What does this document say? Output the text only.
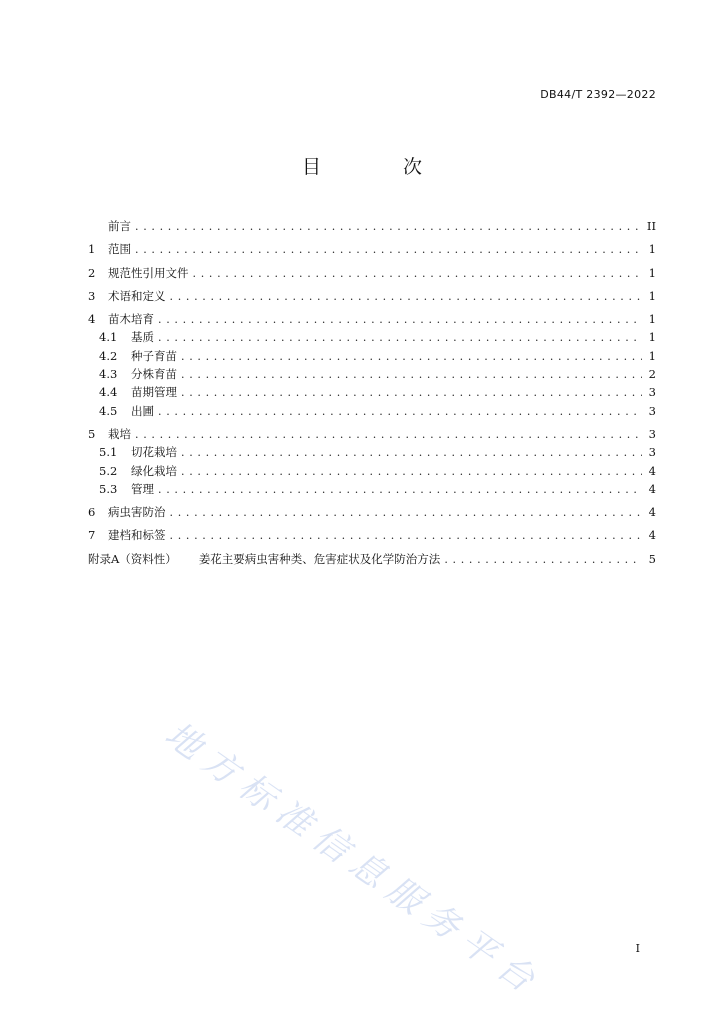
DB44/T 2392—2022
目 次
前言 .....	II
1	范围 .....	1
2	规范性引用文件 .....	1
3	术语和定义 .....	1
4	苗木培育 .....	1
4.1	基质 .....	1
4.2	种子育苗 .....	1
4.3	分株育苗 .....	2
4.4	苗期管理 .....	3
4.5	出圃 .....	3
5	栽培 .....	3
5.1	切花栽培 .....	3
5.2	绿化栽培 .....	4
5.3	管理 .....	4
6	病虫害防治 .....	4
7	建档和标签 .....	4
附录A（资料性） 姜花主要病虫害种类、危害症状及化学防治方法 .....	5
地方标准信息服务平台	I
